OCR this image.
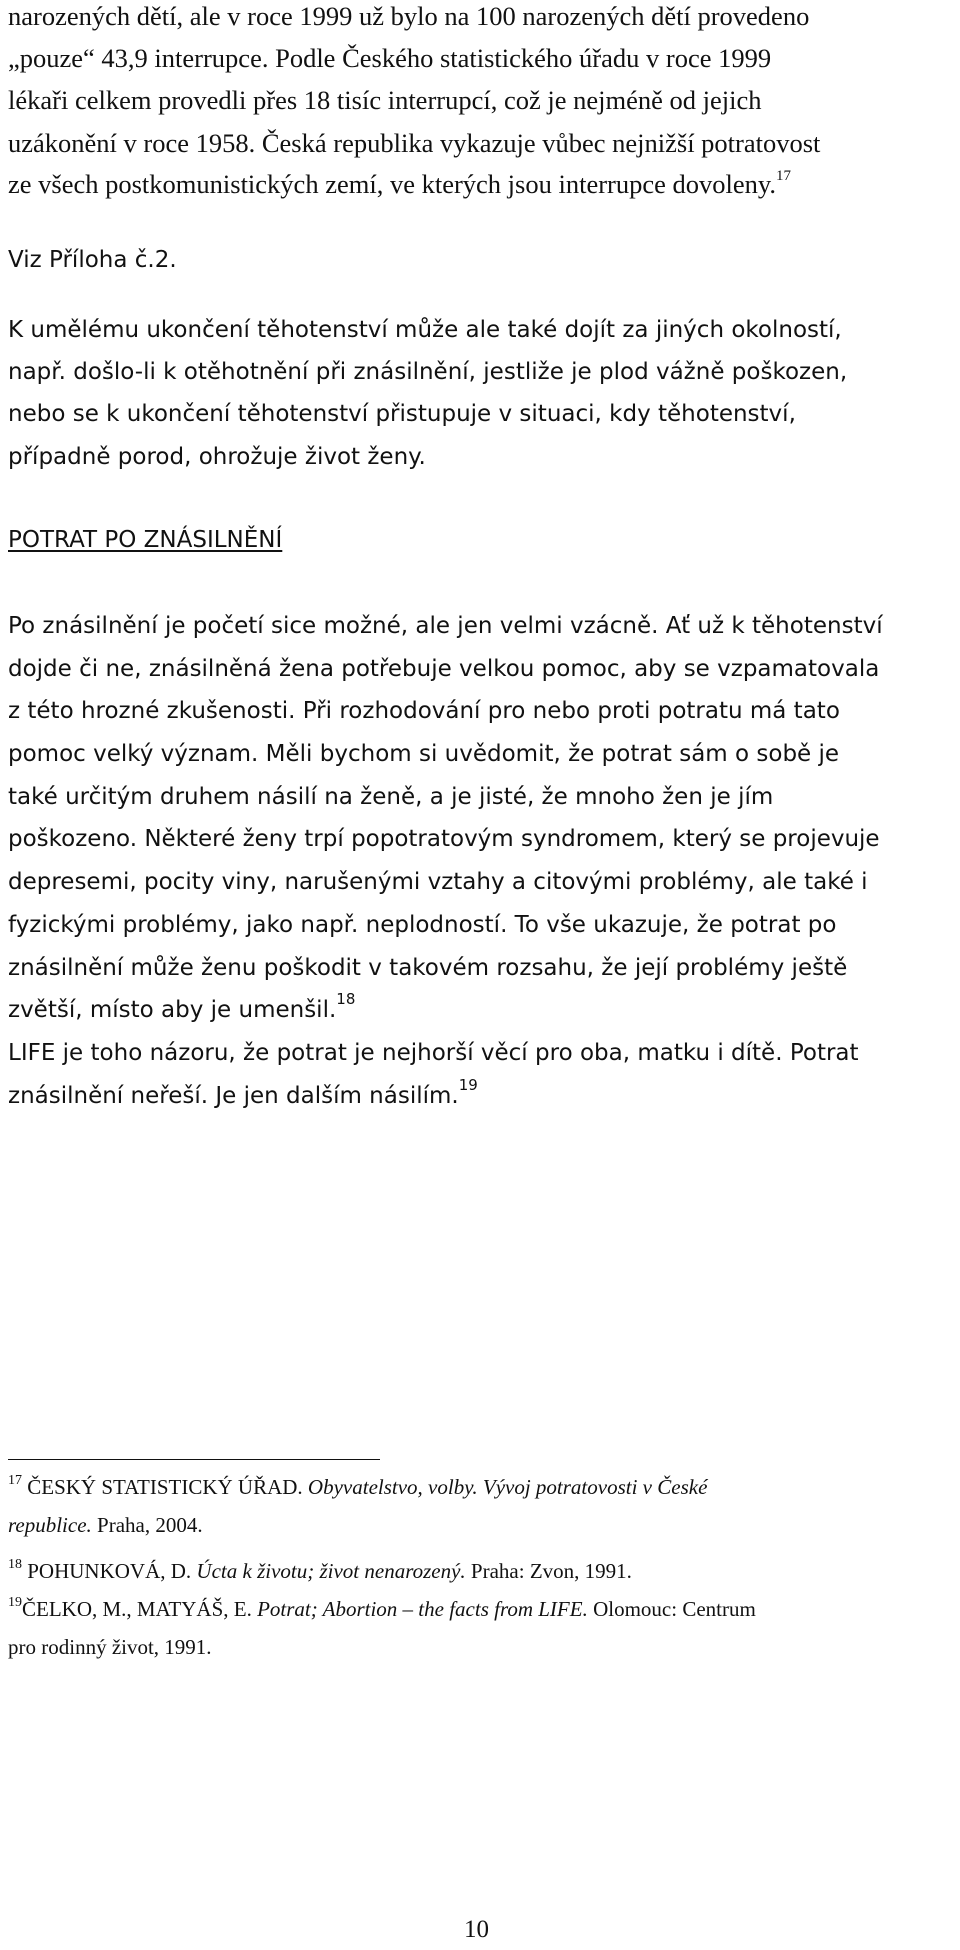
narozených dětí, ale v roce 1999 už bylo na 100 narozených dětí provedeno
„pouze“ 43,9 interrupce. Podle Českého statistického úřadu v roce 1999
lékaři celkem provedli přes 18 tisíc interrupcí, což je nejméně od jejich
uzákonění v roce 1958. Česká republika vykazuje vůbec nejnižší potratovost
ze všech postkomunistických zemí, ve kterých jsou interrupce dovoleny.$^{17}$
Viz Příloha č.2.
K umělému ukončení těhotenství může ale také dojít za jiných okolností,
např. došlo-li k otěhotnění při znásilnění, jestliže je plod vážně poškozen,
nebo se k ukončení těhotenství přistupuje v situaci, kdy těhotenství,
případně porod, ohrožuje život ženy.
POTRAT PO ZNÁSILNĚNÍ
Po znásilnění je početí sice možné, ale jen velmi vzácně. Ať už k těhotenství
dojde či ne, znásilněná žena potřebuje velkou pomoc, aby se vzpamatovala
z této hrozné zkušenosti. Při rozhodování pro nebo proti potratu má tato
pomoc velký význam. Měli bychom si uvědomit, že potrat sám o sobě je
také určitým druhem násilí na ženě, a je jisté, že mnoho žen je jím
poškozeno. Některé ženy trpí popotratovým syndromem, který se projevuje
depresemi, pocity viny, narušenými vztahy a citovými problémy, ale také i
fyzickými problémy, jako např. neplodností. To vše ukazuje, že potrat po
znásilnění může ženu poškodit v takovém rozsahu, že její problémy ještě
zvětší, místo aby je umenšil.$^{18}$
LIFE je toho názoru, že potrat je nejhorší věcí pro oba, matku i dítě. Potrat
znásilnění neřeší. Je jen dalším násilím.$^{19}$
$^{17}$ ČESKÝ STATISTICKÝ ÚŘAD. Obyvatelstvo, volby. Vývoj potratovosti v České
republice. Praha, 2004.
$^{18}$ POHUNKOVÁ, D. Úcta k životu; život nenarozený. Praha: Zvon, 1991.
$^{19}$ČELKO, M., MATYÁŠ, E. Potrat; Abortion – the facts from LIFE. Olomouc: Centrum
pro rodinný život, 1991.
10
